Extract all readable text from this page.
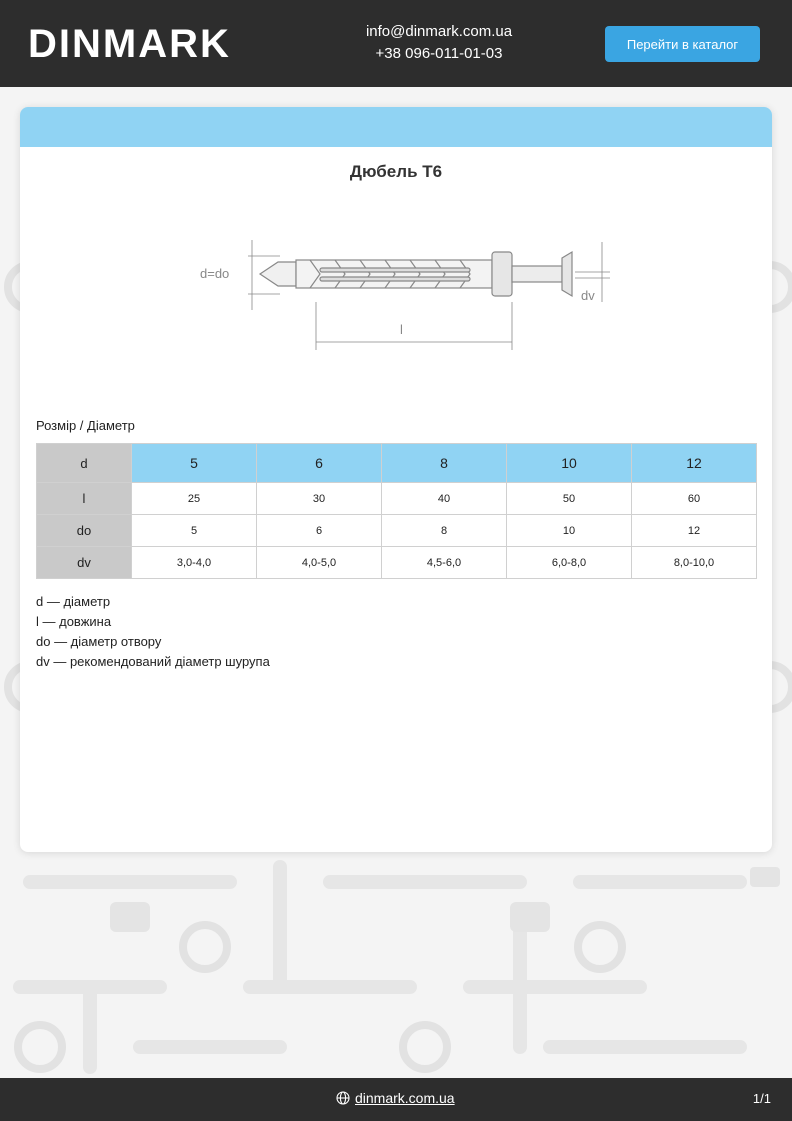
DINMARK	info@dinmark.com.ua
+38 096-011-01-03
Перейти в каталог
Дюбель Т6
d=do
l
dv
Розмір / Діаметр
d	5	6	8	10	12
l	25	30	40	50	60
do	5	6	8	10	12
dv	3,0-4,0	4,0-5,0	4,5-6,0	6,0-8,0	8,0-10,0
d — діаметр
l — довжина
do — діаметр отвору
dv — рекомендований діаметр шурупа
dinmark.com.ua	1/1
